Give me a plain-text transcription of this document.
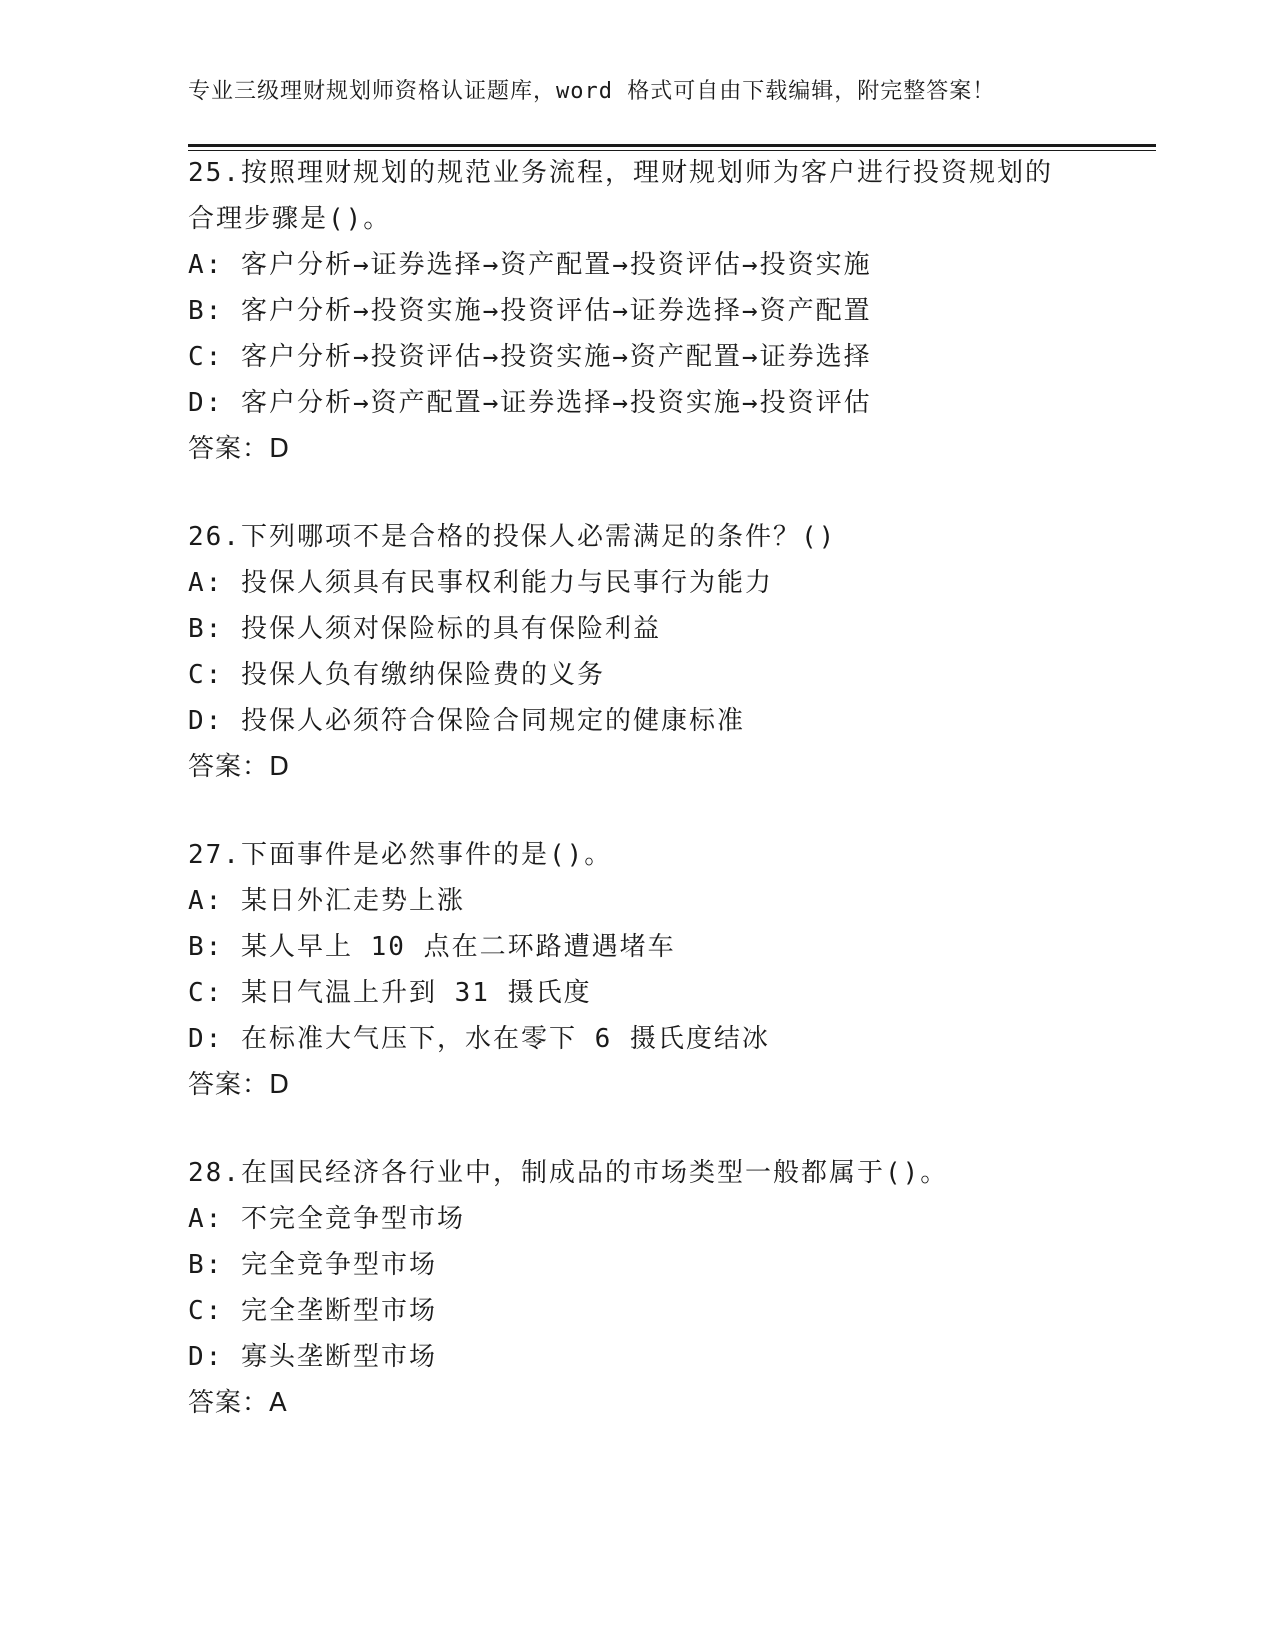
专业三级理财规划师资格认证题库，word 格式可自由下载编辑，附完整答案！
25.按照理财规划的规范业务流程，理财规划师为客户进行投资规划的
合理步骤是()。
A: 客户分析→证券选择→资产配置→投资评估→投资实施
B: 客户分析→投资实施→投资评估→证券选择→资产配置
C: 客户分析→投资评估→投资实施→资产配置→证券选择
D: 客户分析→资产配置→证券选择→投资实施→投资评估
答案：D
26.下列哪项不是合格的投保人必需满足的条件？()
A: 投保人须具有民事权利能力与民事行为能力
B: 投保人须对保险标的具有保险利益
C: 投保人负有缴纳保险费的义务
D: 投保人必须符合保险合同规定的健康标准
答案：D
27.下面事件是必然事件的是()。
A: 某日外汇走势上涨
B: 某人早上 10 点在二环路遭遇堵车
C: 某日气温上升到 31 摄氏度
D: 在标准大气压下，水在零下 6 摄氏度结冰
答案：D
28.在国民经济各行业中，制成品的市场类型一般都属于()。
A: 不完全竞争型市场
B: 完全竞争型市场
C: 完全垄断型市场
D: 寡头垄断型市场
答案：A
